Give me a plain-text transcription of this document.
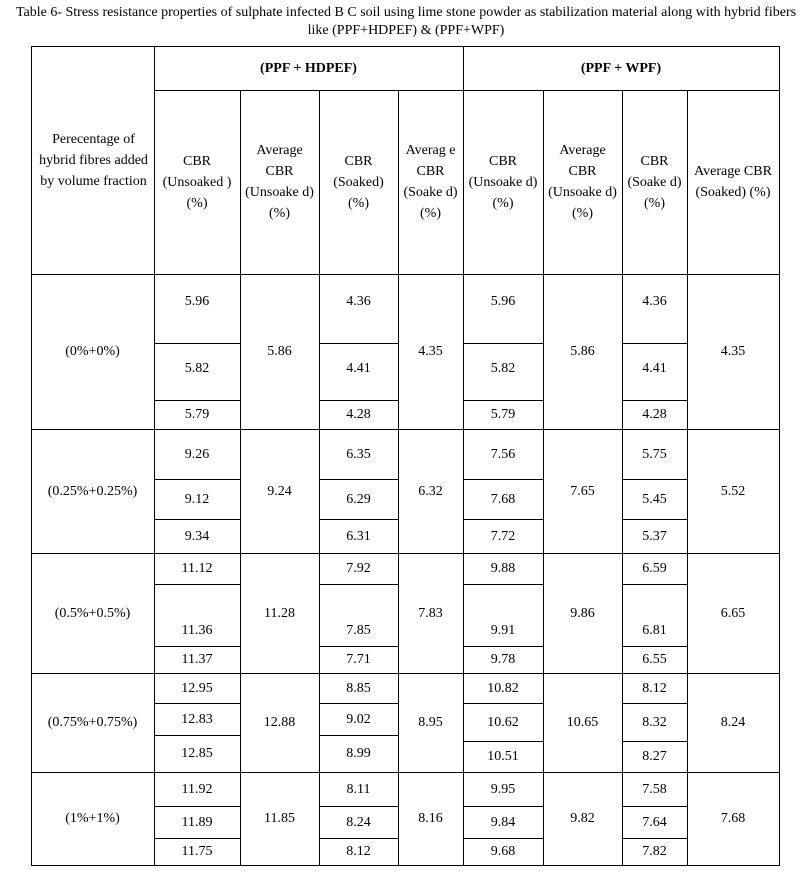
Table 6- Stress resistance properties of sulphate infected B C soil using lime stone powder as stabilization material along with hybrid fibers like (PPF+HDPEF) & (PPF+WPF)
Perecentage of hybrid fibres added by volume fraction
(PPF + HDPEF)	(PPF + WPF)
CBR (Unsoaked ) (%)
Average CBR (Unsoake d) (%)
CBR (Soaked) (%)
Averag e CBR (Soake d) (%)
CBR (Unsoake d) (%)
Average CBR (Unsoake d) (%)
CBR (Soake d) (%)
Average CBR (Soaked) (%)
(0%+0%)
5.96
5.82
5.79
5.86
4.36
4.41
4.28
4.35
5.96
5.82
5.79
5.86
4.36
4.41
4.28
4.35
(0.25%+0.25%)
9.26
9.12
9.34
9.24
6.35
6.29
6.31
6.32
7.56
7.68
7.72
7.65
5.75
5.45
5.37
5.52
(0.5%+0.5%)
11.12
11.36
11.37
11.28
7.92
7.85
7.71
7.83
9.88
9.91
9.78
9.86
6.59
6.81
6.55
6.65
(0.75%+0.75%)
12.95
12.83
12.85
12.88
8.85
9.02
8.99
8.95
10.82
10.62
10.51
10.65
8.12
8.32
8.27
8.24
(1%+1%)
11.92
11.89
11.75
11.85
8.11
8.24
8.12
8.16
9.95
9.84
9.68
9.82
7.58
7.64
7.82
7.68
